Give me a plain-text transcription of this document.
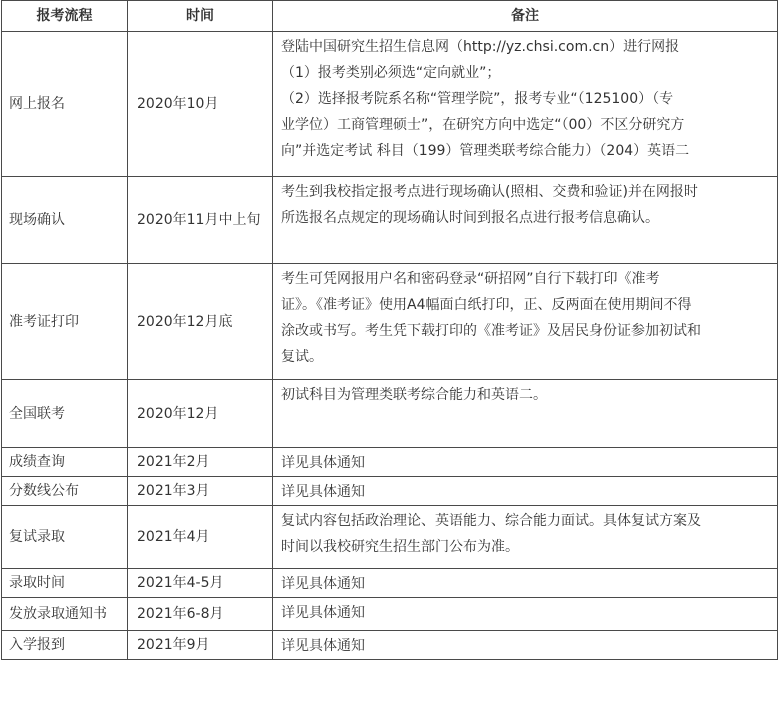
报考流程	时间	备注
网上报名	2020年10月	登陆中国研究生招生信息网（http://yz.chsi.com.cn）进行网报
（1）报考类别必须选“定向就业”；
（2）选择报考院系名称“管理学院”，报考专业“（125100）（专
业学位）工商管理硕士”，在研究方向中选定“（00）不区分研究方
向”并选定考试 科目（199）管理类联考综合能力）（204）英语二

现场确认	2020年11月中上旬	考生到我校指定报考点进行现场确认(照相、交费和验证)并在网报时
所选报名点规定的现场确认时间到报名点进行报考信息确认。

准考证打印	2020年12月底	考生可凭网报用户名和密码登录“研招网”自行下载打印《准考
证》。《准考证》使用A4幅面白纸打印，正、反两面在使用期间不得
涂改或书写。考生凭下载打印的《准考证》及居民身份证参加初试和
复试。

全国联考	2020年12月	初试科目为管理类联考综合能力和英语二。

成绩查询	2021年2月	详见具体通知

分数线公布	2021年3月	详见具体通知

复试录取	2021年4月	复试内容包括政治理论、英语能力、综合能力面试。具体复试方案及
时间以我校研究生招生部门公布为准。

录取时间	2021年4-5月	详见具体通知

发放录取通知书	2021年6-8月	详见具体通知

入学报到	2021年9月	详见具体通知
